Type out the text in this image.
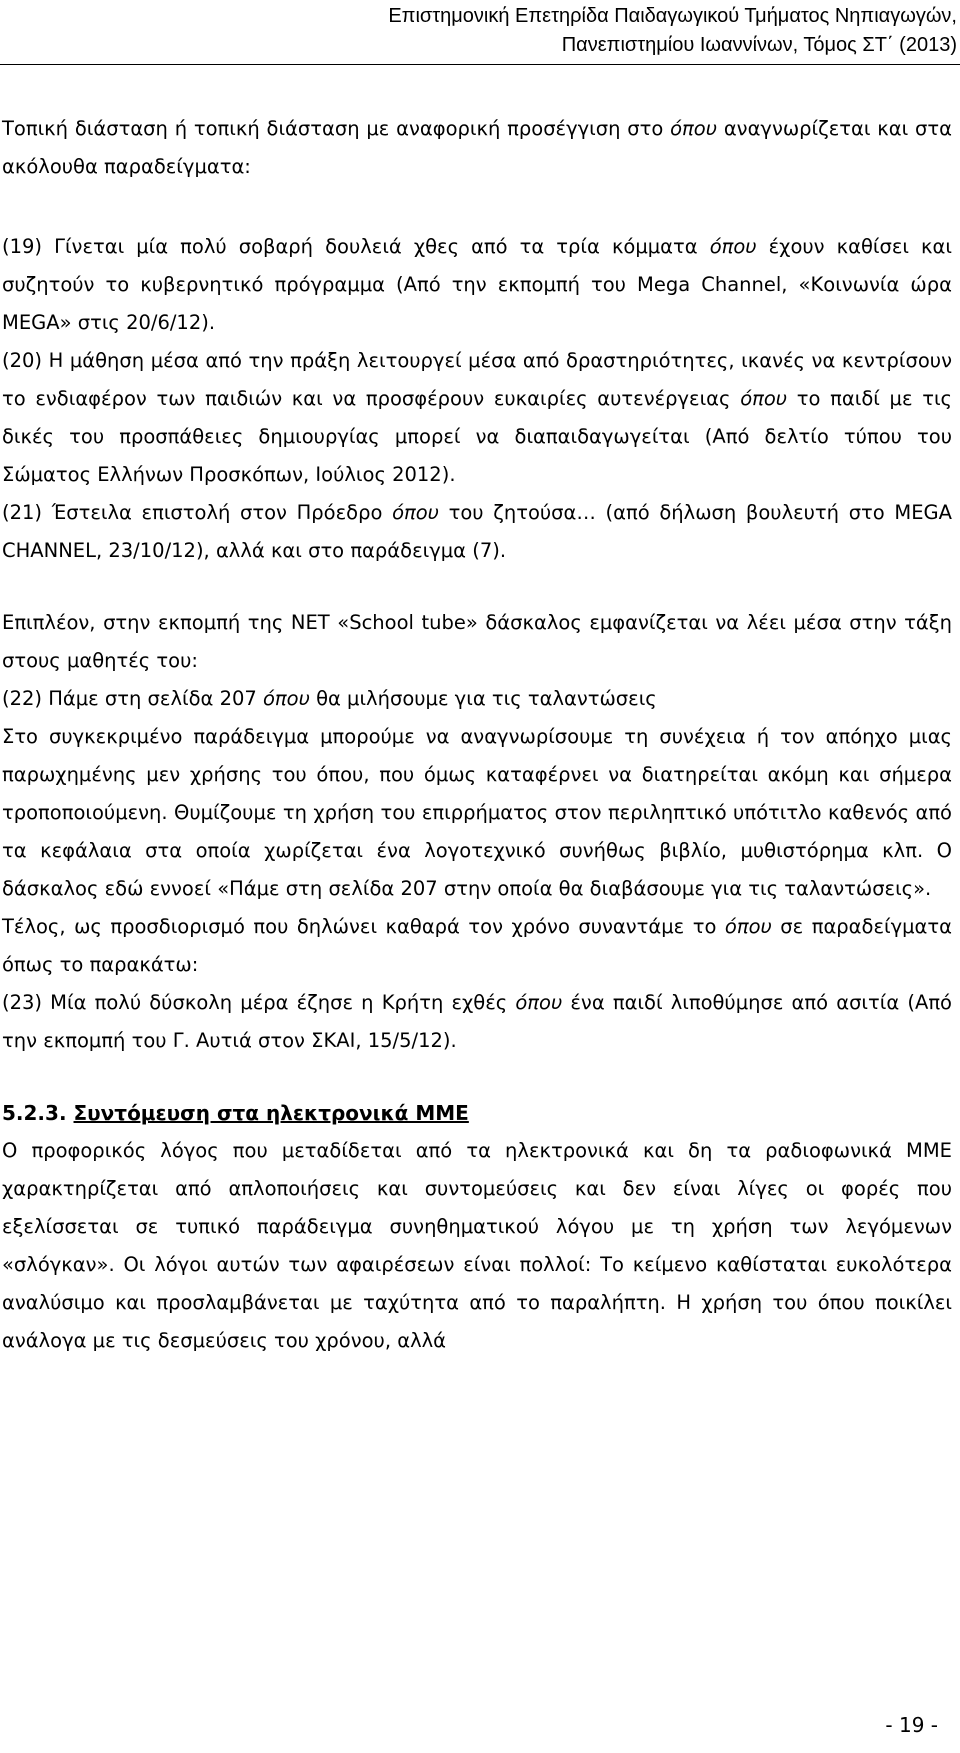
Επιστημονική Επετηρίδα Παιδαγωγικού Τμήματος Νηπιαγωγών,
Πανεπιστημίου Ιωαννίνων, Τόμος ΣΤ΄ (2013)

Τοπική διάσταση ή τοπική διάσταση με αναφορική προσέγγιση στο όπου αναγνωρίζεται και στα ακόλουθα παραδείγματα:

(19) Γίνεται μία πολύ σοβαρή δουλειά χθες από τα τρία κόμματα όπου έχουν καθίσει και συζητούν το κυβερνητικό πρόγραμμα (Από την εκπομπή του Mega Channel, «Κοινωνία ώρα MEGA» στις 20/6/12).

(20) Η μάθηση μέσα από την πράξη λειτουργεί μέσα από δραστηριότητες, ικανές να κεντρίσουν το ενδιαφέρον των παιδιών και να προσφέρουν ευκαιρίες αυτενέργειας όπου το παιδί με τις δικές του προσπάθειες δημιουργίας μπορεί να διαπαιδαγωγείται (Από δελτίο τύπου του Σώματος Ελλήνων Προσκόπων, Ιούλιος 2012).

(21) Έστειλα επιστολή στον Πρόεδρο όπου του ζητούσα… (από δήλωση βουλευτή στο MEGA CHANNEL, 23/10/12), αλλά και στο παράδειγμα (7).

Επιπλέον, στην εκπομπή της ΝΕΤ «School tube» δάσκαλος εμφανίζεται να λέει μέσα στην τάξη στους μαθητές του:

(22) Πάμε στη σελίδα 207 όπου θα μιλήσουμε για τις ταλαντώσεις

Στο συγκεκριμένο παράδειγμα μπορούμε να αναγνωρίσουμε τη συνέχεια ή τον απόηχο μιας παρωχημένης μεν χρήσης του όπου, που όμως καταφέρνει να διατηρείται ακόμη και σήμερα τροποποιούμενη. Θυμίζουμε τη χρήση του επιρρήματος στον περιληπτικό υπότιτλο καθενός από τα κεφάλαια στα οποία χωρίζεται ένα λογοτεχνικό συνήθως βιβλίο, μυθιστόρημα κλπ. Ο δάσκαλος εδώ εννοεί «Πάμε στη σελίδα 207 στην οποία θα διαβάσουμε για τις ταλαντώσεις».

Τέλος, ως προσδιορισμό που δηλώνει καθαρά τον χρόνο συναντάμε το όπου σε παραδείγματα όπως το παρακάτω:

(23) Μία πολύ δύσκολη μέρα έζησε η Κρήτη εχθές όπου ένα παιδί λιποθύμησε από ασιτία (Από την εκπομπή του Γ. Αυτιά στον ΣΚΑΙ, 15/5/12).

5.2.3. Συντόμευση στα ηλεκτρονικά ΜΜΕ

Ο προφορικός λόγος που μεταδίδεται από τα ηλεκτρονικά και δη τα ραδιοφωνικά ΜΜΕ χαρακτηρίζεται από απλοποιήσεις και συντομεύσεις και δεν είναι λίγες οι φορές που εξελίσσεται σε τυπικό παράδειγμα συνηθηματικού λόγου με τη χρήση των λεγόμενων «σλόγκαν». Οι λόγοι αυτών των αφαιρέσεων είναι πολλοί: Το κείμενο καθίσταται ευκολότερα αναλύσιμο και προσλαμβάνεται με ταχύτητα από το παραλήπτη. Η χρήση του όπου ποικίλει ανάλογα με τις δεσμεύσεις του χρόνου, αλλά

- 19 -
